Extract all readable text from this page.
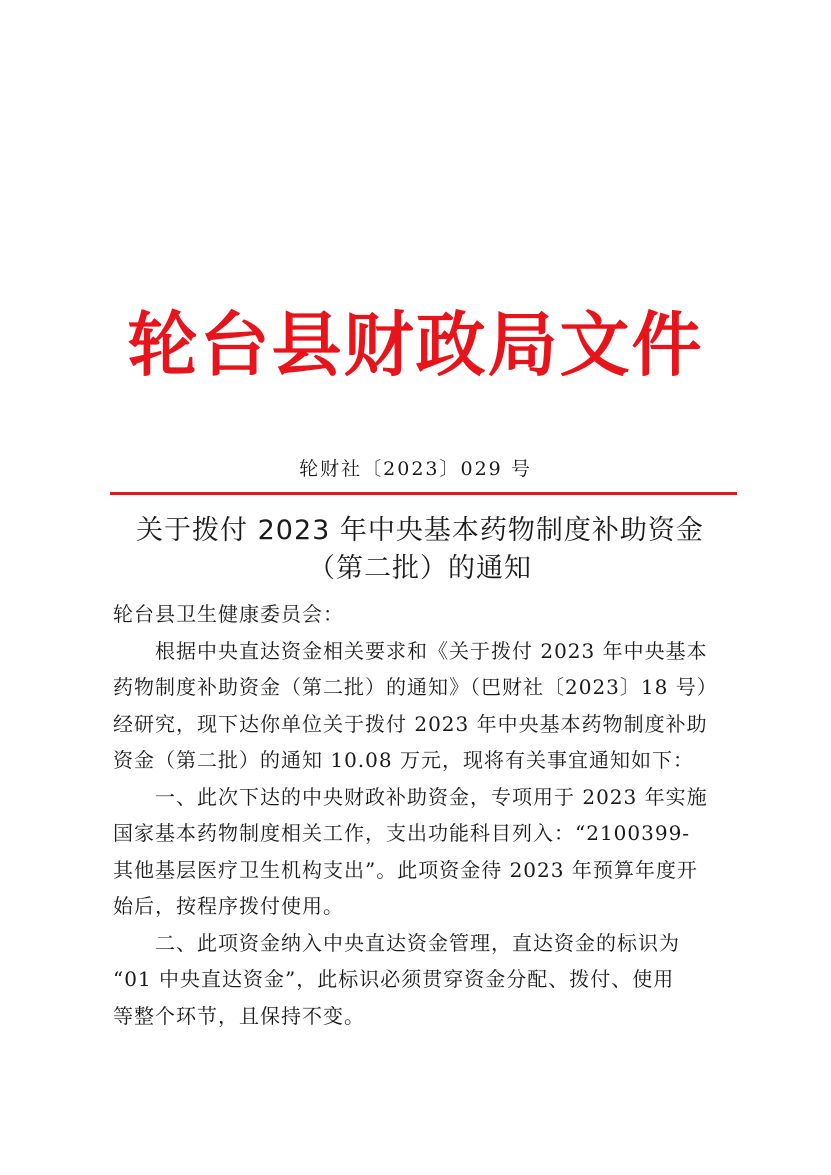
轮台县财政局文件
轮财社〔2023〕029 号
关于拨付 2023 年中央基本药物制度补助资金
（第二批）的通知
轮台县卫生健康委员会：
根据中央直达资金相关要求和《关于拨付 2023 年中央基本
药物制度补助资金（第二批）的通知》（巴财社〔2023〕18 号）
经研究，现下达你单位关于拨付 2023 年中央基本药物制度补助
资金（第二批）的通知 10.08 万元，现将有关事宜通知如下：
一、此次下达的中央财政补助资金，专项用于 2023 年实施
国家基本药物制度相关工作，支出功能科目列入：“2100399-
其他基层医疗卫生机构支出”。此项资金待 2023 年预算年度开
始后，按程序拨付使用。
二、此项资金纳入中央直达资金管理，直达资金的标识为
“01 中央直达资金”，此标识必须贯穿资金分配、拨付、使用
等整个环节，且保持不变。
